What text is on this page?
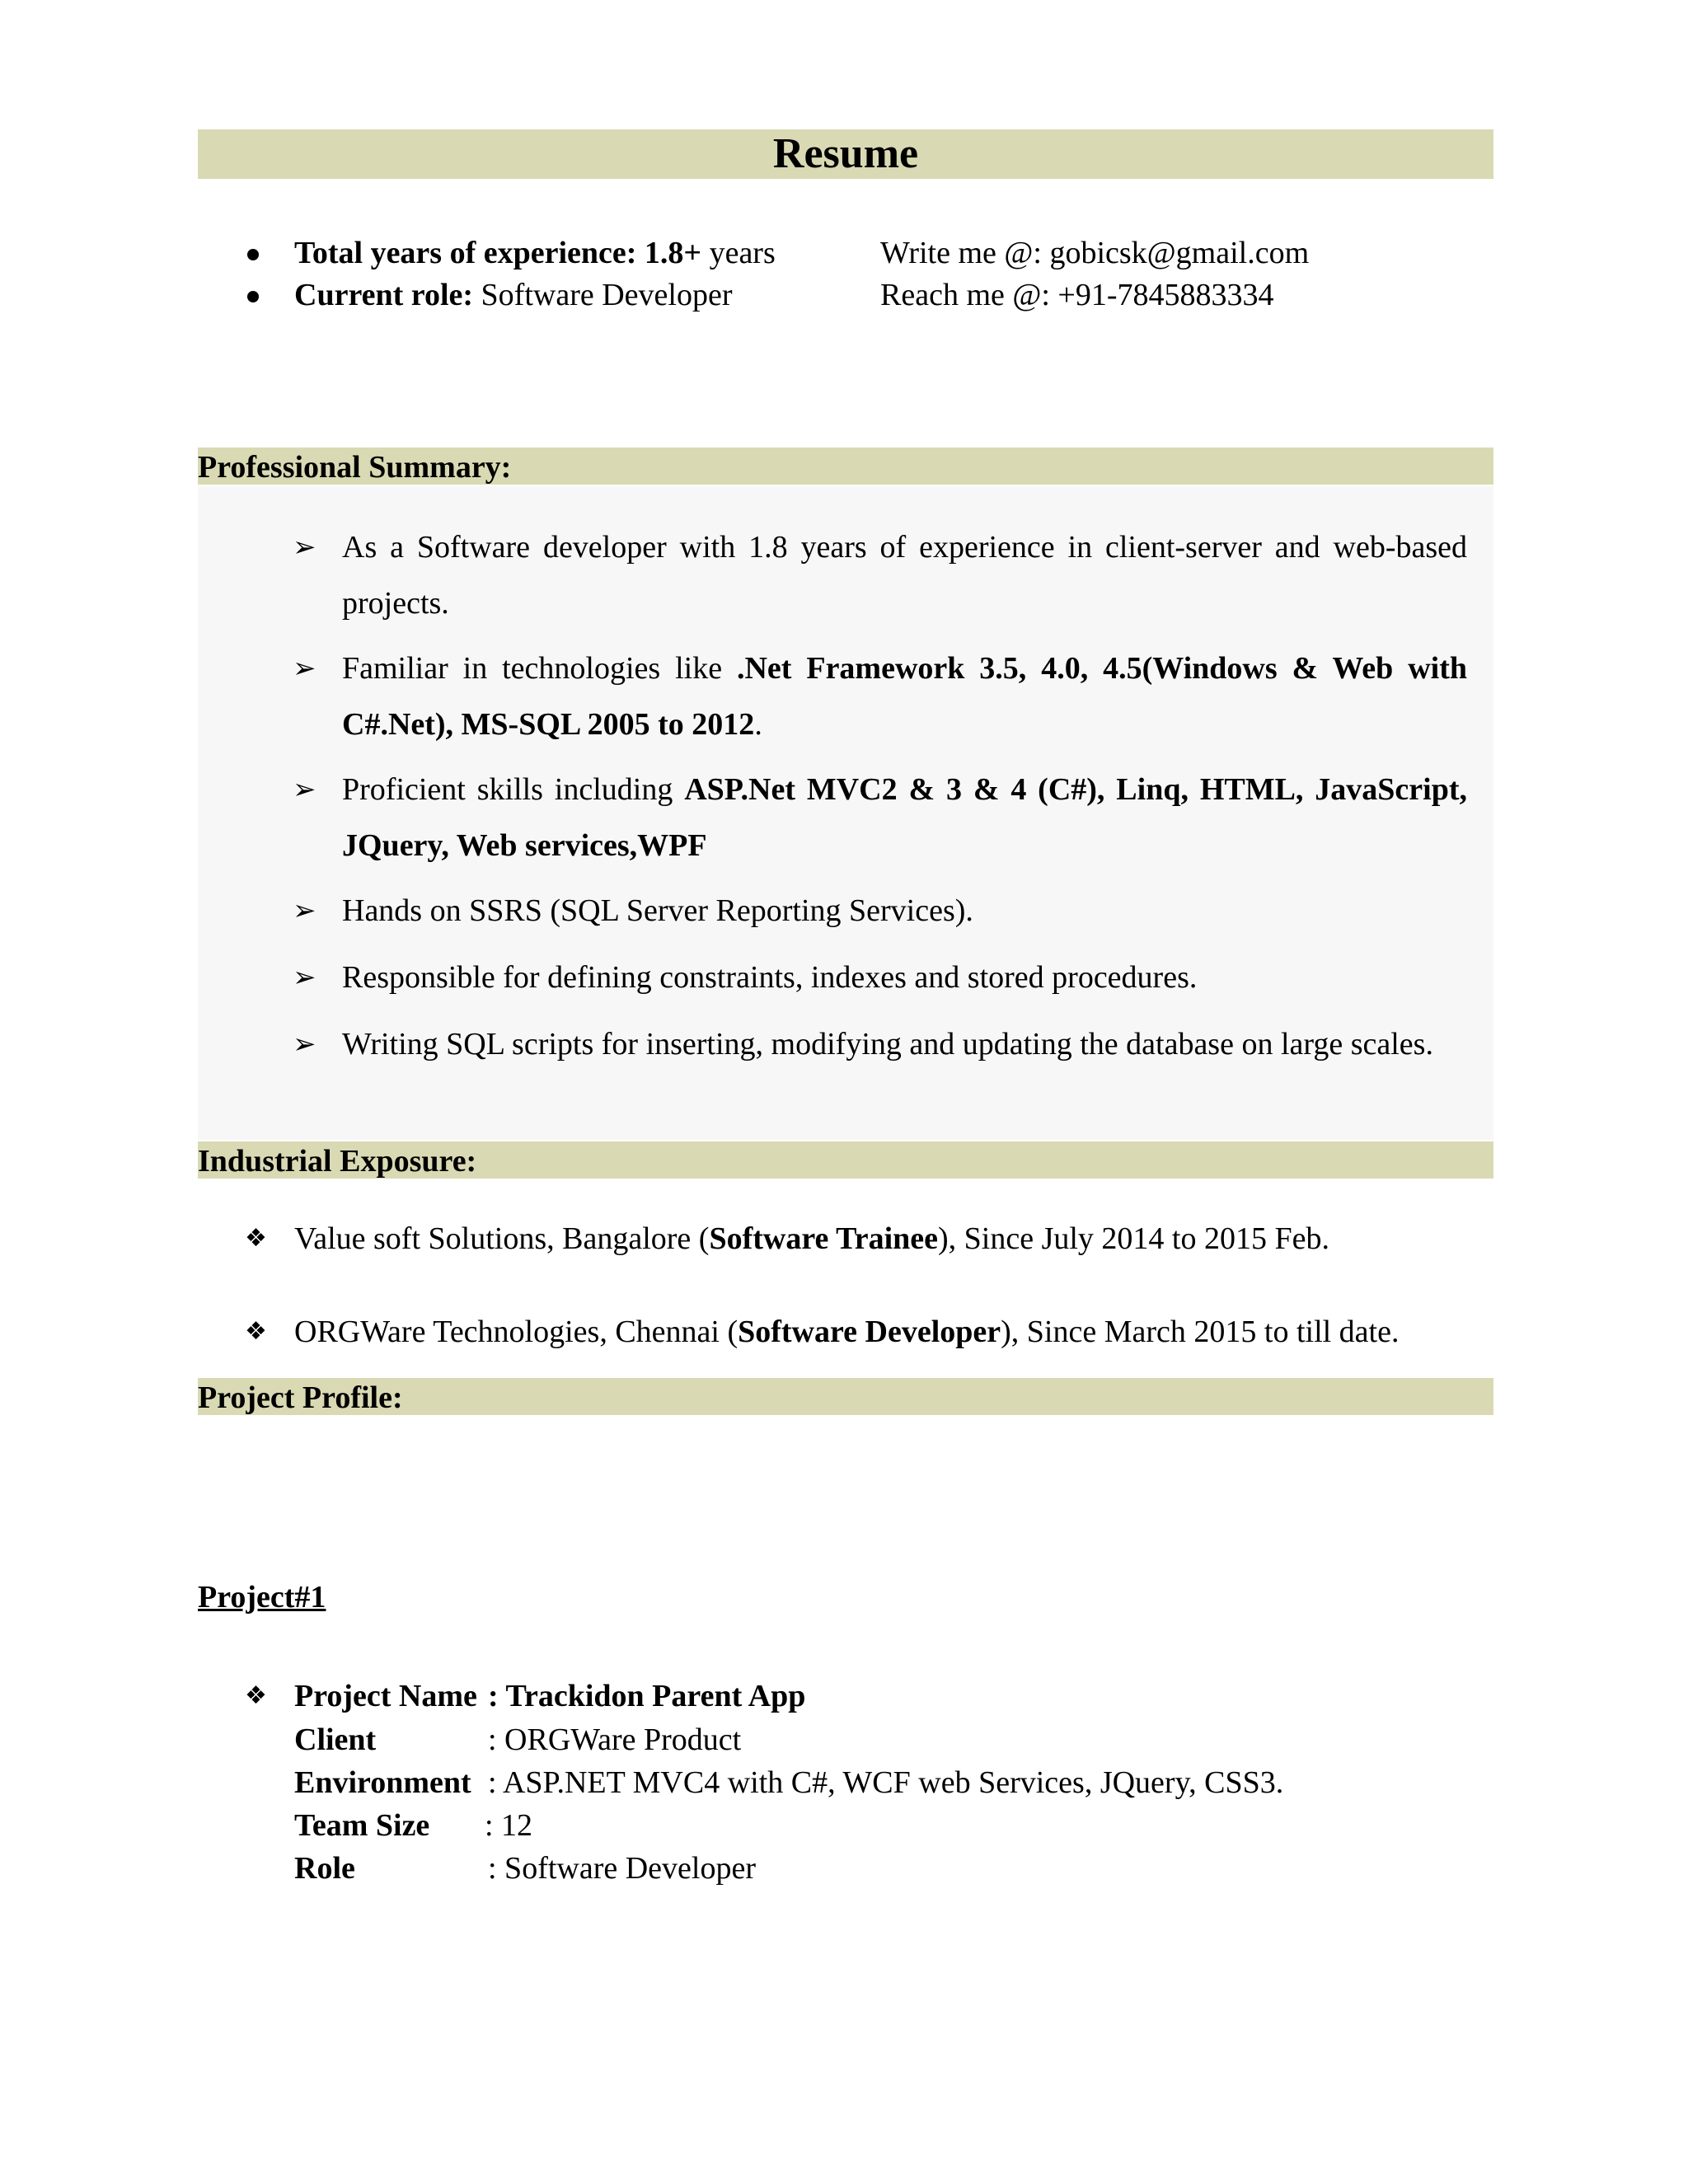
Resume
Total years of experience: 1.8+ years
Current role: Software Developer
Write me @: gobicsk@gmail.com
Reach me @: +91-7845883334
Professional Summary:
➢ As a Software developer with 1.8 years of experience in client-server and web-based projects.
➢ Familiar in technologies like .Net Framework 3.5, 4.0, 4.5(Windows & Web with C#.Net), MS-SQL 2005 to 2012.
➢ Proficient skills including ASP.Net MVC2 & 3 & 4 (C#), Linq, HTML, JavaScript, JQuery, Web services,WPF
➢ Hands on SSRS (SQL Server Reporting Services).
➢ Responsible for defining constraints, indexes and stored procedures.
➢ Writing SQL scripts for inserting, modifying and updating the database on large scales.
Industrial Exposure:
❖ Value soft Solutions, Bangalore (Software Trainee), Since July 2014 to 2015 Feb.
❖ ORGWare Technologies, Chennai (Software Developer), Since March 2015 to till date.
Project Profile:
Project#1
❖ Project Name : Trackidon Parent App
Client	: ORGWare Product
Environment : ASP.NET MVC4 with C#, WCF web Services, JQuery, CSS3.
Team Size : 12
Role	: Software Developer
